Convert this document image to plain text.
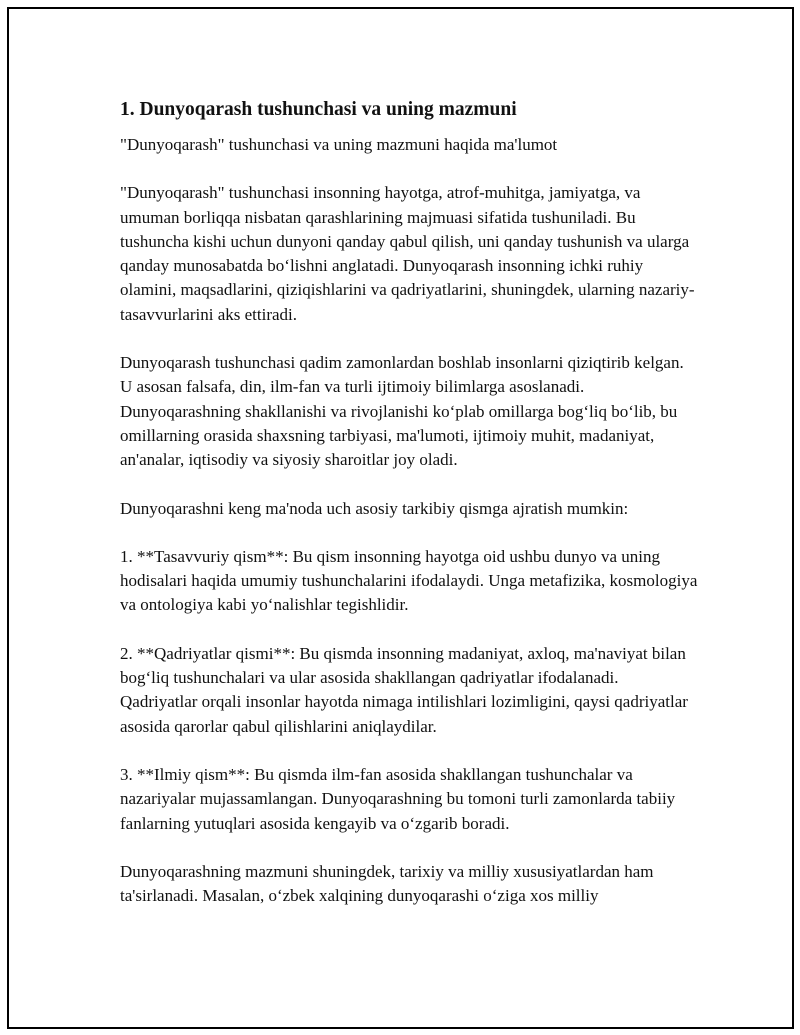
1. Dunyoqarash tushunchasi va uning mazmuni
"Dunyoqarash" tushunchasi va uning mazmuni haqida ma'lumot
"Dunyoqarash" tushunchasi insonning hayotga, atrof-muhitga, jamiyatga, va umuman borliqqa nisbatan qarashlarining majmuasi sifatida tushuniladi. Bu tushuncha kishi uchun dunyoni qanday qabul qilish, uni qanday tushunish va ularga qanday munosabatda bo‘lishni anglatadi. Dunyoqarash insonning ichki ruhiy olamini, maqsadlarini, qiziqishlarini va qadriyatlarini, shuningdek, ularning nazariy-tasavvurlarini aks ettiradi.
Dunyoqarash tushunchasi qadim zamonlardan boshlab insonlarni qiziqtirib kelgan. U asosan falsafa, din, ilm-fan va turli ijtimoiy bilimlarga asoslanadi. Dunyoqarashning shakllanishi va rivojlanishi ko‘plab omillarga bog‘liq bo‘lib, bu omillarning orasida shaxsning tarbiyasi, ma'lumoti, ijtimoiy muhit, madaniyat, an'analar, iqtisodiy va siyosiy sharoitlar joy oladi.
Dunyoqarashni keng ma'noda uch asosiy tarkibiy qismga ajratish mumkin:
1. **Tasavvuriy qism**: Bu qism insonning hayotga oid ushbu dunyo va uning hodisalari haqida umumiy tushunchalarini ifodalaydi. Unga metafizika, kosmologiya va ontologiya kabi yo‘nalishlar tegishlidir.
2. **Qadriyatlar qismi**: Bu qismda insonning madaniyat, axloq, ma'naviyat bilan bog‘liq tushunchalari va ular asosida shakllangan qadriyatlar ifodalanadi. Qadriyatlar orqali insonlar hayotda nimaga intilishlari lozimligini, qaysi qadriyatlar asosida qarorlar qabul qilishlarini aniqlaydilar.
3. **Ilmiy qism**: Bu qismda ilm-fan asosida shakllangan tushunchalar va nazariyalar mujassamlangan. Dunyoqarashning bu tomoni turli zamonlarda tabiiy fanlarning yutuqlari asosida kengayib va o‘zgarib boradi.
Dunyoqarashning mazmuni shuningdek, tarixiy va milliy xususiyatlardan ham ta'sirlanadi. Masalan, o‘zbek xalqining dunyoqarashi o‘ziga xos milliy
